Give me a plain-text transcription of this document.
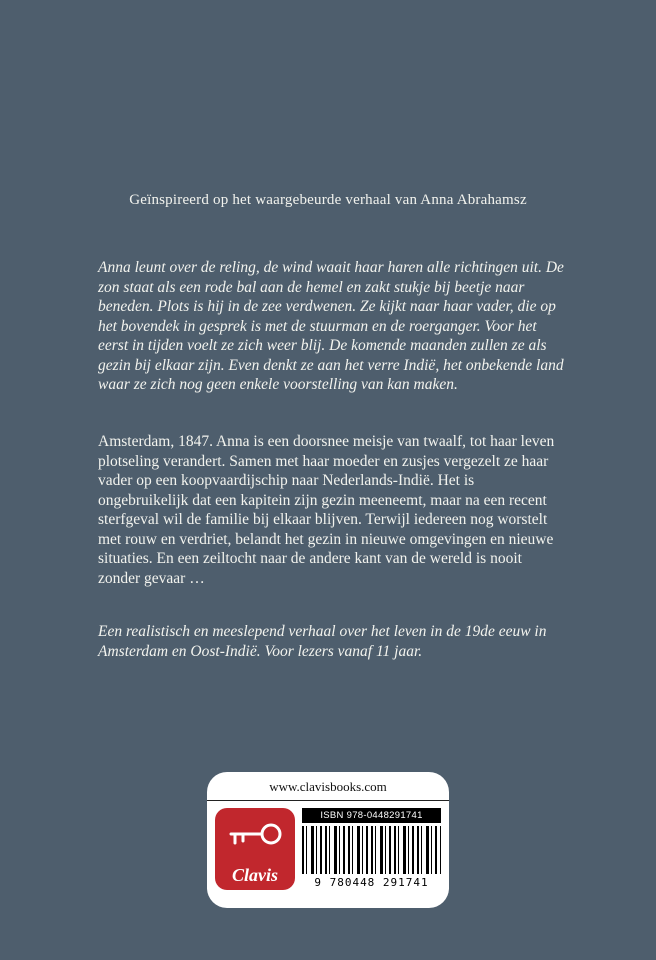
Geïnspireerd op het waargebeurde verhaal van Anna Abrahamsz
Anna leunt over de reling, de wind waait haar haren alle richtingen uit. De zon staat als een rode bal aan de hemel en zakt stukje bij beetje naar beneden. Plots is hij in de zee verdwenen. Ze kijkt naar haar vader, die op het bovendek in gesprek is met de stuurman en de roerganger. Voor het eerst in tijden voelt ze zich weer blij. De komende maanden zullen ze als gezin bij elkaar zijn. Even denkt ze aan het verre Indië, het onbekende land waar ze zich nog geen enkele voorstelling van kan maken.
Amsterdam, 1847. Anna is een doorsnee meisje van twaalf, tot haar leven plotseling verandert. Samen met haar moeder en zusjes vergezelt ze haar vader op een koopvaardijschip naar Nederlands-Indië. Het is ongebruikelijk dat een kapitein zijn gezin meeneemt, maar na een recent sterfgeval wil de familie bij elkaar blijven. Terwijl iedereen nog worstelt met rouw en verdriet, belandt het gezin in nieuwe omgevingen en nieuwe situaties. En een zeiltocht naar de andere kant van de wereld is nooit zonder gevaar …
Een realistisch en meeslepend verhaal over het leven in de 19de eeuw in Amsterdam en Oost-Indië. Voor lezers vanaf 11 jaar.
www.clavisbooks.com
Clavis
ISBN 978-0448291741
9 780448 291741
